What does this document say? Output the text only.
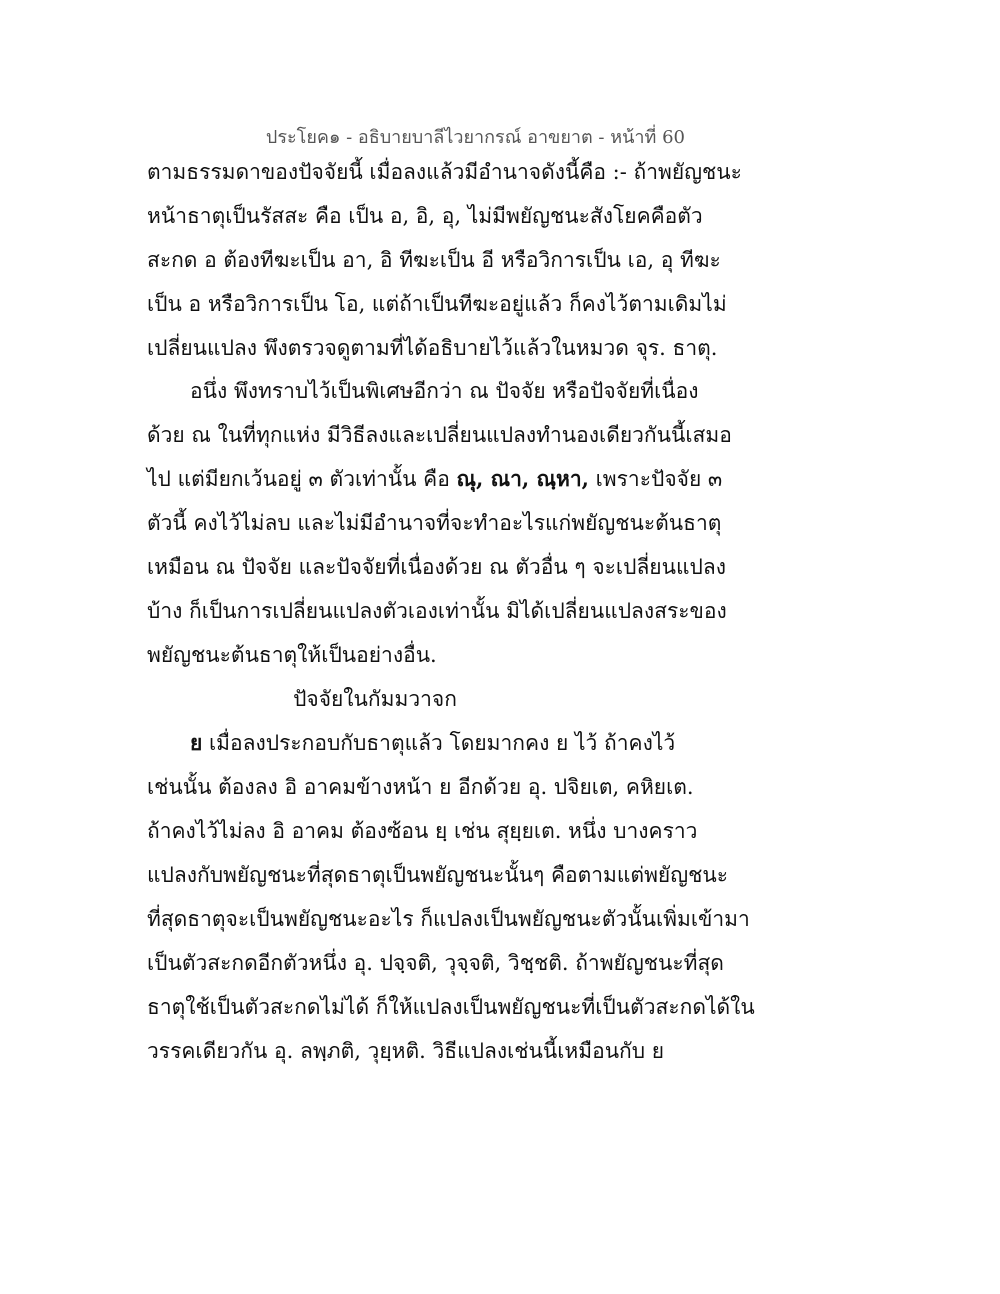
ประโยค๑ - อธิบายบาลีไวยากรณ์ อาขยาต - หน้าที่ 60
ตามธรรมดาของปัจจัยนี้ เมื่อลงแล้วมีอำนาจดังนี้คือ :- ถ้าพยัญชนะ
หน้าธาตุเป็นรัสสะ คือ เป็น อ, อิ, อุ, ไม่มีพยัญชนะสังโยคคือตัว
สะกด อ ต้องทีฆะเป็น อา, อิ ทีฆะเป็น อี หรือวิการเป็น เอ, อุ ทีฆะ
เป็น อ หรือวิการเป็น โอ, แต่ถ้าเป็นทีฆะอยู่แล้ว ก็คงไว้ตามเดิมไม่
เปลี่ยนแปลง พึงตรวจดูตามที่ได้อธิบายไว้แล้วในหมวด จุร. ธาตุ.
อนึ่ง พึงทราบไว้เป็นพิเศษอีกว่า ณ ปัจจัย หรือปัจจัยที่เนื่อง
ด้วย ณ ในที่ทุกแห่ง มีวิธีลงและเปลี่ยนแปลงทำนองเดียวกันนี้เสมอ
ไป แต่มียกเว้นอยู่ ๓ ตัวเท่านั้น คือ ณุ, ณา, ณฺหา, เพราะปัจจัย ๓
ตัวนี้ คงไว้ไม่ลบ และไม่มีอำนาจที่จะทำอะไรแก่พยัญชนะต้นธาตุ
เหมือน ณ ปัจจัย และปัจจัยที่เนื่องด้วย ณ ตัวอื่น ๆ จะเปลี่ยนแปลง
บ้าง ก็เป็นการเปลี่ยนแปลงตัวเองเท่านั้น มิได้เปลี่ยนแปลงสระของ
พยัญชนะต้นธาตุให้เป็นอย่างอื่น.
ปัจจัยในกัมมวาจก
ย เมื่อลงประกอบกับธาตุแล้ว โดยมากคง ย ไว้ ถ้าคงไว้
เช่นนั้น ต้องลง อิ อาคมข้างหน้า ย อีกด้วย อุ. ปจิยเต, คหิยเต.
ถ้าคงไว้ไม่ลง อิ อาคม ต้องซ้อน ยฺ เช่น สุยฺยเต. หนึ่ง บางคราว
แปลงกับพยัญชนะที่สุดธาตุเป็นพยัญชนะนั้นๆ คือตามแต่พยัญชนะ
ที่สุดธาตุจะเป็นพยัญชนะอะไร ก็แปลงเป็นพยัญชนะตัวนั้นเพิ่มเข้ามา
เป็นตัวสะกดอีกตัวหนึ่ง อุ. ปจฺจติ, วุจฺจติ, วิชฺชติ. ถ้าพยัญชนะที่สุด
ธาตุใช้เป็นตัวสะกดไม่ได้ ก็ให้แปลงเป็นพยัญชนะที่เป็นตัวสะกดได้ใน
วรรคเดียวกัน อุ. ลพฺภติ, วุยฺหติ. วิธีแปลงเช่นนี้เหมือนกับ ย
